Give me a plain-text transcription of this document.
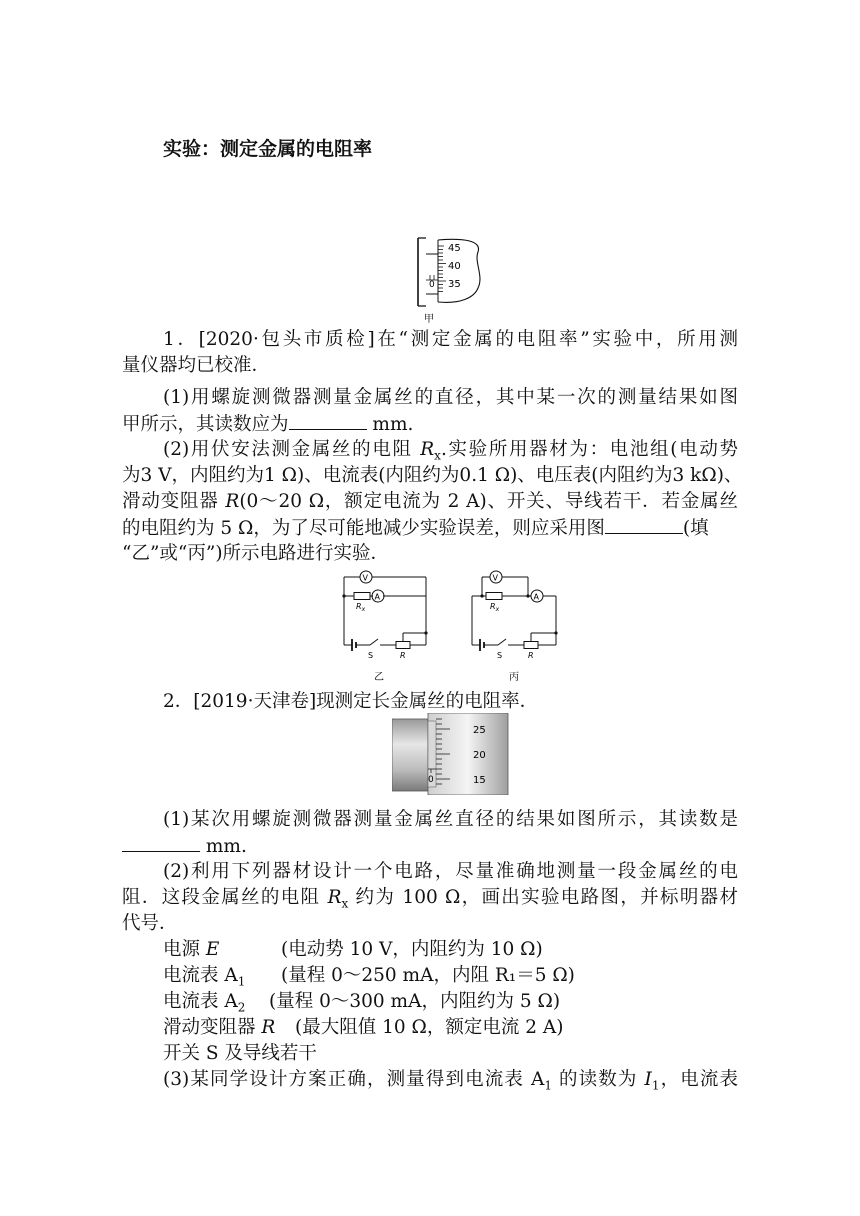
实验：测定金属的电阻率
45
40
35
0
甲
1．[2020·包头市质检]在“测定金属的电阻率”实验中，所用测
量仪器均已校准．
(1)用螺旋测微器测量金属丝的直径，其中某一次的测量结果如图
甲所示，其读数应为	mm.
(2)用伏安法测金属丝的电阻 $R_x$.实验所用器材为：电池组(电动势
为3 V，内阻约为1 Ω)、电流表(内阻约为0.1 Ω)、电压表(内阻约为3 kΩ)、
滑动变阻器 R(0～20 Ω，额定电流为 2 A)、开关、导线若干．若金属丝
的电阻约为 5 Ω，为了尽可能地减少实验误差，则应采用图	(填
“乙”或“丙”)所示电路进行实验．
V
A
$R_x$
S	R
乙
V
A
$R_x$
S	R
丙
2．[2019·天津卷]现测定长金属丝的电阻率．
25
20
15
0
(1)某次用螺旋测微器测量金属丝直径的结果如图所示，其读数是
mm.
(2)利用下列器材设计一个电路，尽量准确地测量一段金属丝的电
阻．这段金属丝的电阻 $R_x$ 约为 100 Ω，画出实验电路图，并标明器材
代号．
电源 E	(电动势 10 V，内阻约为 10 Ω)
电流表 $A_1$ (量程 0～250 mA，内阻 R₁＝5 Ω)
电流表 $A_2$ (量程 0～300 mA，内阻约为 5 Ω)
滑动变阻器 R (最大阻值 10 Ω，额定电流 2 A)
开关 S 及导线若干
(3)某同学设计方案正确，测量得到电流表 $A_1$ 的读数为 $I_1$，电流表
